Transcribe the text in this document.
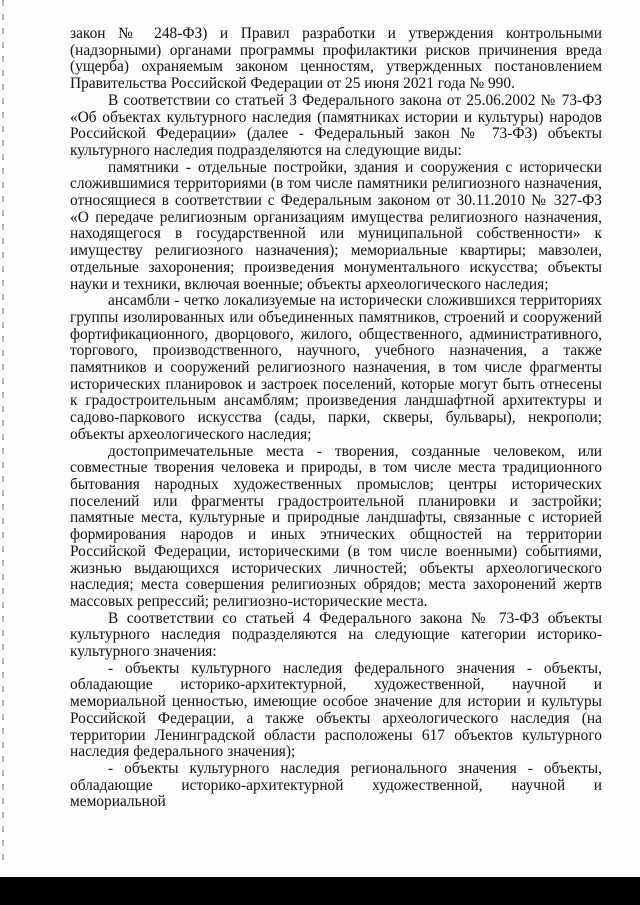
закон № 248-ФЗ) и Правил разработки и утверждения контрольными (надзорными) органами программы профилактики рисков причинения вреда (ущерба) охраняемым законом ценностям, утвержденных постановлением Правительства Российской Федерации от 25 июня 2021 года № 990.

В соответствии со статьей 3 Федерального закона от 25.06.2002 № 73-ФЗ «Об объектах культурного наследия (памятниках истории и культуры) народов Российской Федерации» (далее - Федеральный закон № 73-ФЗ) объекты культурного наследия подразделяются на следующие виды:

памятники - отдельные постройки, здания и сооружения с исторически сложившимися территориями (в том числе памятники религиозного назначения, относящиеся в соответствии с Федеральным законом от 30.11.2010 № 327-ФЗ «О передаче религиозным организациям имущества религиозного назначения, находящегося в государственной или муниципальной собственности» к имуществу религиозного назначения); мемориальные квартиры; мавзолеи, отдельные захоронения; произведения монументального искусства; объекты науки и техники, включая военные; объекты археологического наследия;

ансамбли - четко локализуемые на исторически сложившихся территориях группы изолированных или объединенных памятников, строений и сооружений фортификационного, дворцового, жилого, общественного, административного, торгового, производственного, научного, учебного назначения, а также памятников и сооружений религиозного назначения, в том числе фрагменты исторических планировок и застроек поселений, которые могут быть отнесены к градостроительным ансамблям; произведения ландшафтной архитектуры и садово-паркового искусства (сады, парки, скверы, бульвары), некрополи; объекты археологического наследия;

достопримечательные места - творения, созданные человеком, или совместные творения человека и природы, в том числе места традиционного бытования народных художественных промыслов; центры исторических поселений или фрагменты градостроительной планировки и застройки; памятные места, культурные и природные ландшафты, связанные с историей формирования народов и иных этнических общностей на территории Российской Федерации, историческими (в том числе военными) событиями, жизнью выдающихся исторических личностей; объекты археологического наследия; места совершения религиозных обрядов; места захоронений жертв массовых репрессий; религиозно-исторические места.

В соответствии со статьей 4 Федерального закона № 73-ФЗ объекты культурного наследия подразделяются на следующие категории историко-культурного значения:

- объекты культурного наследия федерального значения - объекты, обладающие историко-архитектурной, художественной, научной и мемориальной ценностью, имеющие особое значение для истории и культуры Российской Федерации, а также объекты археологического наследия (на территории Ленинградской области расположены 617 объектов культурного наследия федерального значения);

- объекты культурного наследия регионального значения - объекты, обладающие историко-архитектурной художественной, научной и мемориальной
